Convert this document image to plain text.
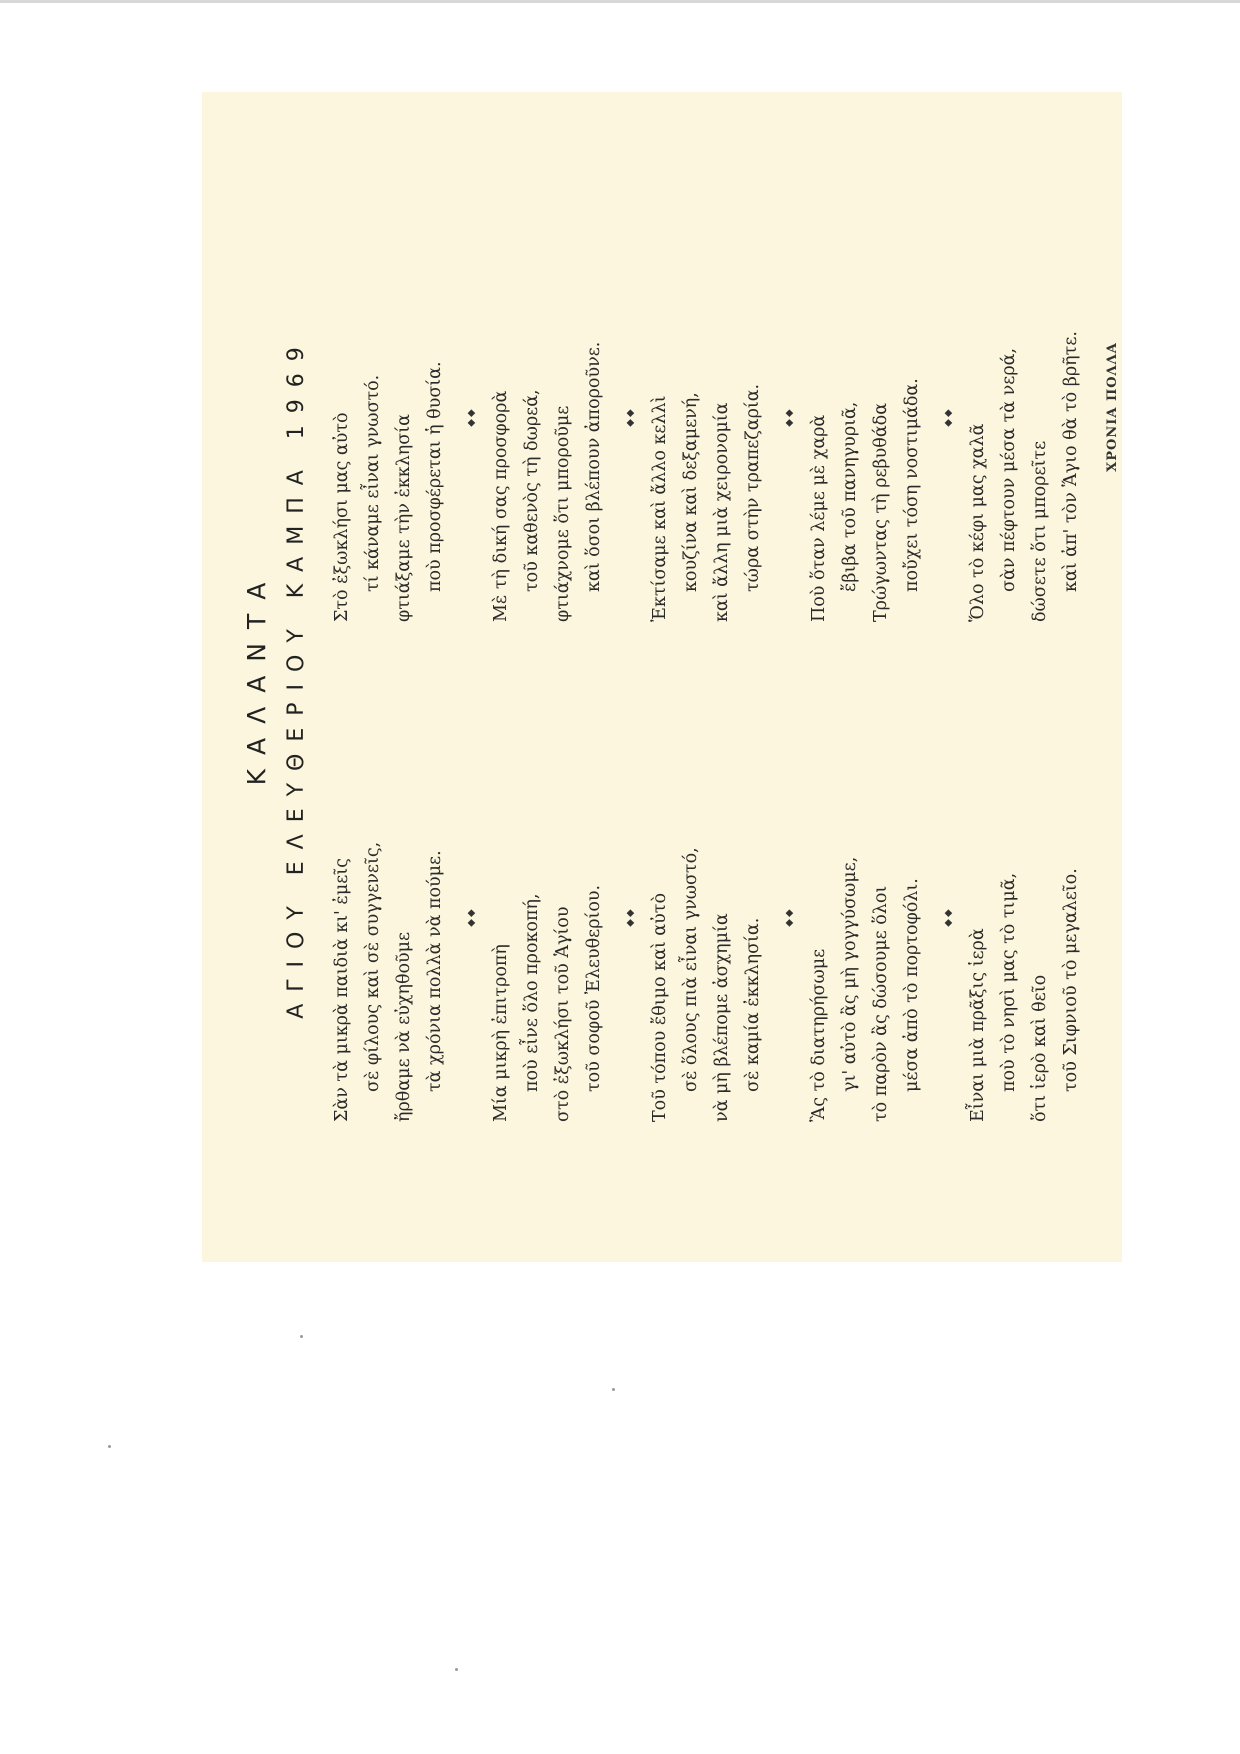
ΚΑΛΑΝΤΑ ΑΓΙΟΥ ΕΛΕΥΘΕΡΙΟΥ ΚΑΜΠΑ 1969 Σὰν τὰ μικρὰ παιδιὰ κι' ἐμεῖς σὲ φίλους καὶ σὲ συγγενεῖς, ἤρθαμε νὰ εὐχηθοῦμε τὰ χρόνια πολλὰ νὰ πούμε.	◆◆
Μία μικρὴ ἐπιτροπὴ ποὺ εἶνε ὅλο προκοπή, στὸ ἐξωκλήσι τοῦ Ἁγίου τοῦ σοφοῦ Ἐλευθερίου.	◆◆ Τοῦ τόπου ἔθιμο καὶ αὐτὸ σὲ ὅλους πιὰ εἶναι γνωστό, νὰ μὴ βλέπομε ἀσχημία σὲ καμία ἐκκλησία.
◆◆
Ἂς τὸ διατηρήσωμε γι' αὐτὸ ἂς μὴ γογγύσωμε, τὸ παρὸν ἂς δώσουμε ὅλοι μέσα ἀπὸ τὸ πορτοφόλι.	◆◆
Εἶναι μιὰ πρᾶξις ἱερὰ ποὺ τὸ νησὶ μας τὸ τιμᾶ, ὅτι ἱερὸ καὶ θεῖο τοῦ Σιφνιοῦ τὸ μεγαλεῖο.
Στὸ ἐξωκλήσι μας αὐτὸ τί κάναμε εἶναι γνωστό. φτιάξαμε τὴν ἐκκλησία ποὺ προσφέρεται ἡ θυσία.	◆◆ Μὲ τὴ δική σας προσφορὰ τοῦ καθενὸς τὴ δωρεά, φτιάχνομε ὅτι μποροῦμε καὶ ὅσοι βλέπουν ἀποροῦνε.	◆◆ Ἐκτίσαμε καὶ ἄλλο κελλὶ κουζίνα καὶ δεξαμενή, καὶ ἄλλη μιὰ χειρονομία τώρα στὴν τραπεζαρία.	◆◆ Ποὺ ὅταν λέμε μὲ χαρὰ ἔβιβα τοῦ πανηγυριᾶ, Τρώγωντας τὴ ρεβυθάδα ποὔχει τόση νοστιμάδα.	◆◆
Ὅλο τὸ κέφι μας χαλᾶ σὰν πέφτουν μέσα τὰ νερά, δώσετε ὅτι μπορεῖτε καὶ ἀπ' τὸν Ἅγιο θὰ τὸ βρῆτε.	ΧΡΟΝΙΑ ΠΟΛΛΑ
